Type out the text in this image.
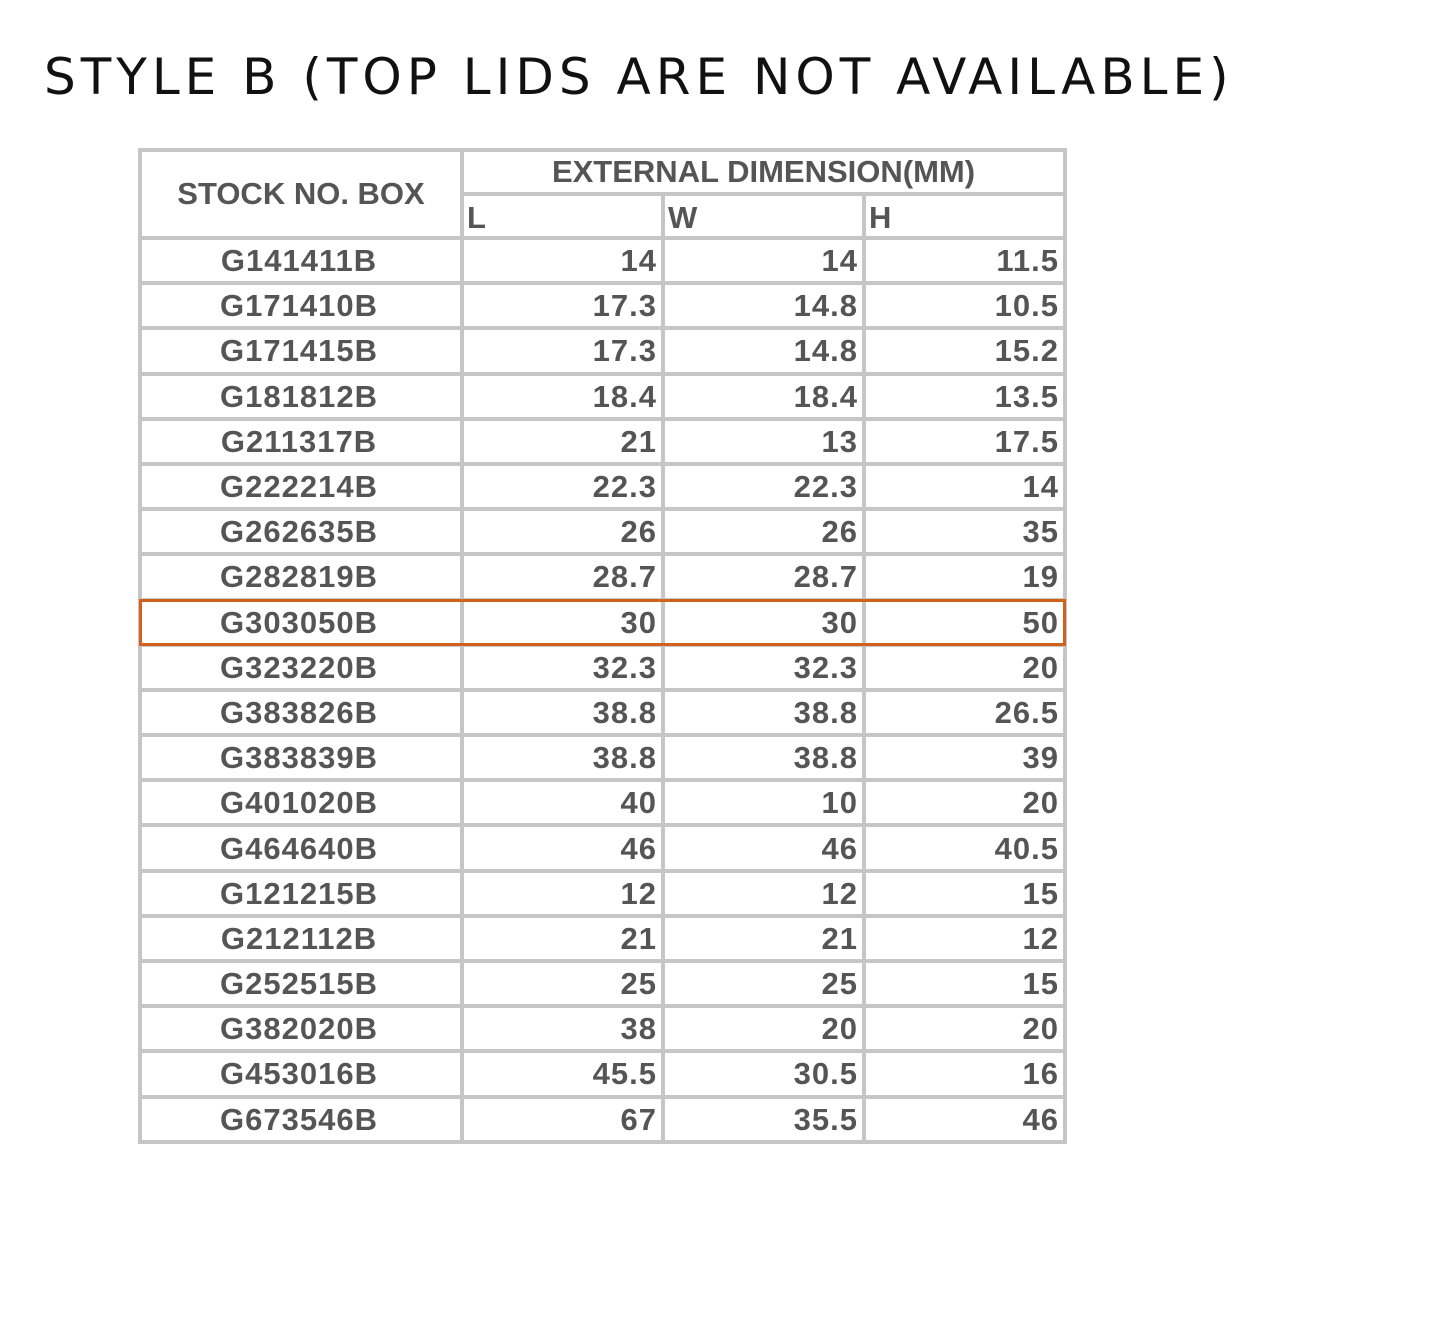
STYLE B (TOP LIDS ARE NOT AVAILABLE)
STOCK NO. BOX	EXTERNAL DIMENSION(MM)		
	L	W	H
G141411B	14	14	11.5
G171410B	17.3	14.8	10.5
G171415B	17.3	14.8	15.2
G181812B	18.4	18.4	13.5
G211317B	21	13	17.5
G222214B	22.3	22.3	14
G262635B	26	26	35
G282819B	28.7	28.7	19
G303050B	30	30	50
G323220B	32.3	32.3	20
G383826B	38.8	38.8	26.5
G383839B	38.8	38.8	39
G401020B	40	10	20
G464640B	46	46	40.5
G121215B	12	12	15
G212112B	21	21	12
G252515B	25	25	15
G382020B	38	20	20
G453016B	45.5	30.5	16
G673546B	67	35.5	46
